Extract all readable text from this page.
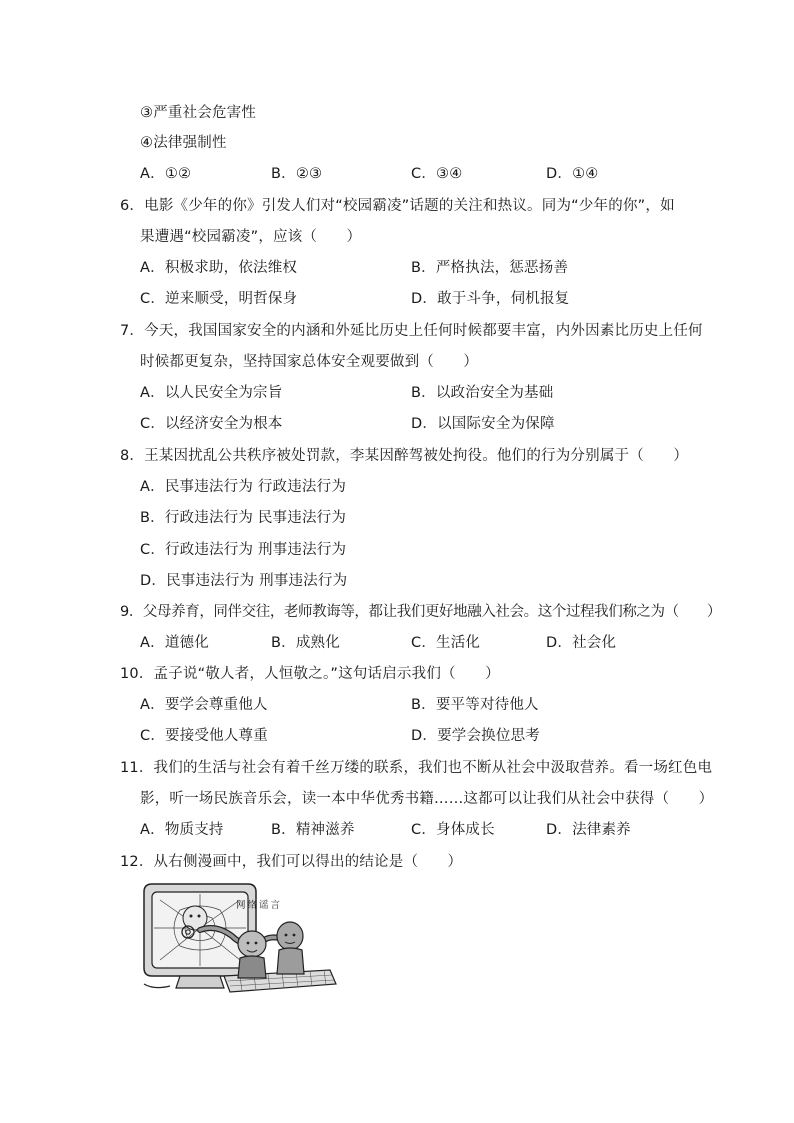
③严重社会危害性
④法律强制性
A．①②	B．②③	C．③④	D．①④
6．电影《少年的你》引发人们对“校园霸凌”话题的关注和热议。同为“少年的你”，如
果遭遇“校园霸凌”，应该（　　）
A．积极求助，依法维权	B．严格执法，惩恶扬善
C．逆来顺受，明哲保身	D．敢于斗争，伺机报复
7．今天，我国国家安全的内涵和外延比历史上任何时候都要丰富，内外因素比历史上任何
时候都更复杂，坚持国家总体安全观要做到（　　）
A．以人民安全为宗旨	B．以政治安全为基础
C．以经济安全为根本	D．以国际安全为保障
8．王某因扰乱公共秩序被处罚款，李某因醉驾被处拘役。他们的行为分别属于（　　）
A．民事违法行为 行政违法行为
B．行政违法行为 民事违法行为
C．行政违法行为 刑事违法行为
D．民事违法行为 刑事违法行为
9．父母养育，同伴交往，老师教诲等，都让我们更好地融入社会。这个过程我们称之为（　　）
A．道德化	B．成熟化	C．生活化	D．社会化
10．孟子说“敬人者，人恒敬之。”这句话启示我们（　　）
A．要学会尊重他人	B．要平等对待他人
C．要接受他人尊重	D．要学会换位思考
11．我们的生活与社会有着千丝万缕的联系，我们也不断从社会中汲取营养。看一场红色电
影，听一场民族音乐会，读一本中华优秀书籍……这都可以让我们从社会中获得（　　）
A．物质支持	B．精神滋养	C．身体成长	D．法律素养
12．从右侧漫画中，我们可以得出的结论是（　　）
网络谣言
